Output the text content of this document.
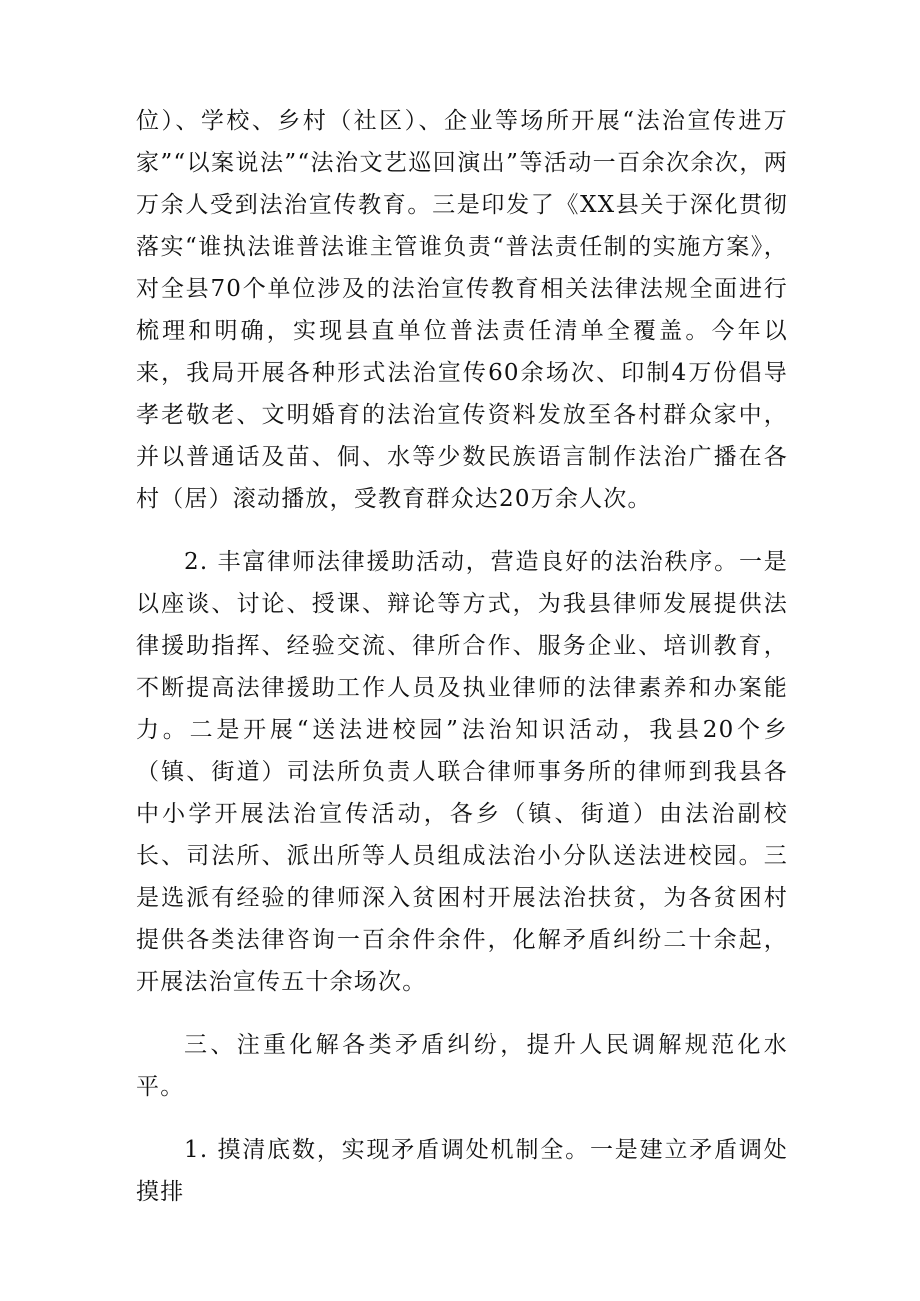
位）、学校、乡村（社区）、企业等场所开展“法治宣传进万家”“以案说法”“法治文艺巡回演出”等活动一百余次余次，两万余人受到法治宣传教育。三是印发了《XX县关于深化贯彻落实“谁执法谁普法谁主管谁负责“普法责任制的实施方案》，对全县70个单位涉及的法治宣传教育相关法律法规全面进行梳理和明确，实现县直单位普法责任清单全覆盖。今年以来，我局开展各种形式法治宣传60余场次、印制4万份倡导孝老敬老、文明婚育的法治宣传资料发放至各村群众家中，并以普通话及苗、侗、水等少数民族语言制作法治广播在各村（居）滚动播放，受教育群众达20万余人次。

2. 丰富律师法律援助活动，营造良好的法治秩序。一是以座谈、讨论、授课、辩论等方式，为我县律师发展提供法律援助指挥、经验交流、律所合作、服务企业、培训教育，不断提高法律援助工作人员及执业律师的法律素养和办案能力。二是开展“送法进校园”法治知识活动，我县20个乡（镇、街道）司法所负责人联合律师事务所的律师到我县各中小学开展法治宣传活动，各乡（镇、街道）由法治副校长、司法所、派出所等人员组成法治小分队送法进校园。三是选派有经验的律师深入贫困村开展法治扶贫，为各贫困村提供各类法律咨询一百余件余件，化解矛盾纠纷二十余起，开展法治宣传五十余场次。

三、注重化解各类矛盾纠纷，提升人民调解规范化水平。

1. 摸清底数，实现矛盾调处机制全。一是建立矛盾调处摸排
